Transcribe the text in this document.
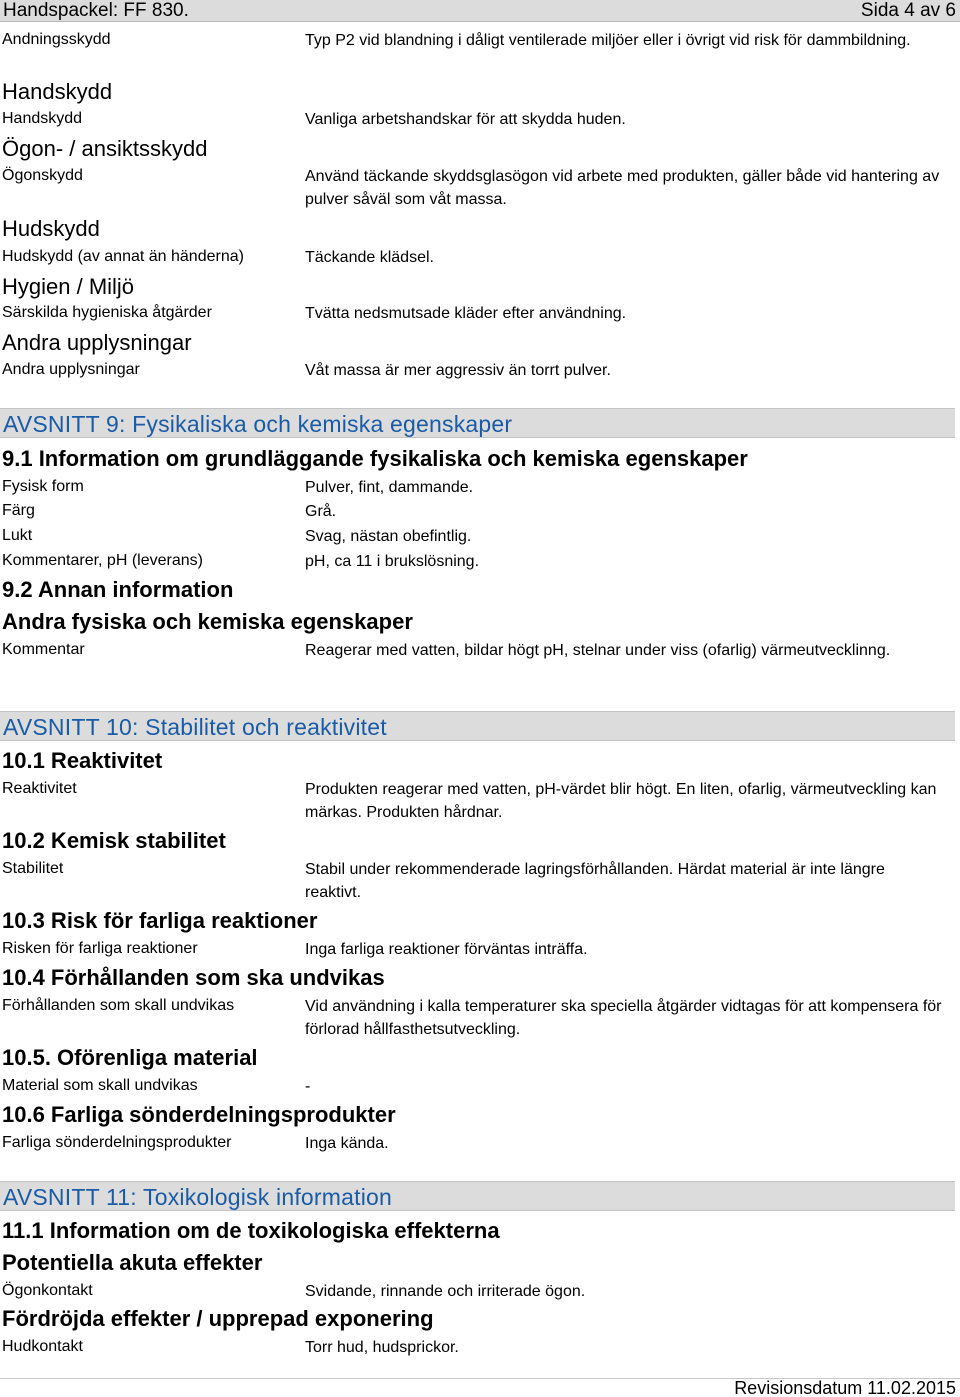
Handspackel: FF 830.	Sida 4 av 6
Andningsskydd	Typ P2 vid blandning i dåligt ventilerade miljöer eller i övrigt vid risk för dammbildning.
Handskydd
Handskydd	Vanliga arbetshandskar för att skydda huden.
Ögon- / ansiktsskydd
Ögonskydd	Använd täckande skyddsglasögon vid arbete med produkten, gäller både vid hantering av pulver såväl som våt massa.
Hudskydd
Hudskydd (av annat än händerna)	Täckande klädsel.
Hygien / Miljö
Särskilda hygieniska åtgärder	Tvätta nedsmutsade kläder efter användning.
Andra upplysningar
Andra upplysningar	Våt massa är mer aggressiv än torrt pulver.
AVSNITT 9: Fysikaliska och kemiska egenskaper
9.1 Information om grundläggande fysikaliska och kemiska egenskaper
Fysisk form	Pulver, fint, dammande.
Färg	Grå.
Lukt	Svag, nästan obefintlig.
Kommentarer, pH (leverans)	pH, ca 11 i brukslösning.
9.2 Annan information
Andra fysiska och kemiska egenskaper
Kommentar	Reagerar med vatten, bildar högt pH, stelnar under viss (ofarlig) värmeutvecklinng.
AVSNITT 10: Stabilitet och reaktivitet
10.1 Reaktivitet
Reaktivitet	Produkten reagerar med vatten, pH-värdet blir högt. En liten, ofarlig, värmeutveckling kan märkas. Produkten hårdnar.
10.2 Kemisk stabilitet
Stabilitet	Stabil under rekommenderade lagringsförhållanden. Härdat material är inte längre reaktivt.
10.3 Risk för farliga reaktioner
Risken för farliga reaktioner	Inga farliga reaktioner förväntas inträffa.
10.4 Förhållanden som ska undvikas
Förhållanden som skall undvikas	Vid användning i kalla temperaturer ska speciella åtgärder vidtagas för att kompensera för förlorad hållfasthetsutveckling.
10.5. Oförenliga material
Material som skall undvikas	-
10.6 Farliga sönderdelningsprodukter
Farliga sönderdelningsprodukter	Inga kända.
AVSNITT 11: Toxikologisk information
11.1 Information om de toxikologiska effekterna
Potentiella akuta effekter
Ögonkontakt	Svidande, rinnande och irriterade ögon.
Fördröjda effekter / upprepad exponering
Hudkontakt	Torr hud, hudsprickor.
Revisionsdatum 11.02.2015
